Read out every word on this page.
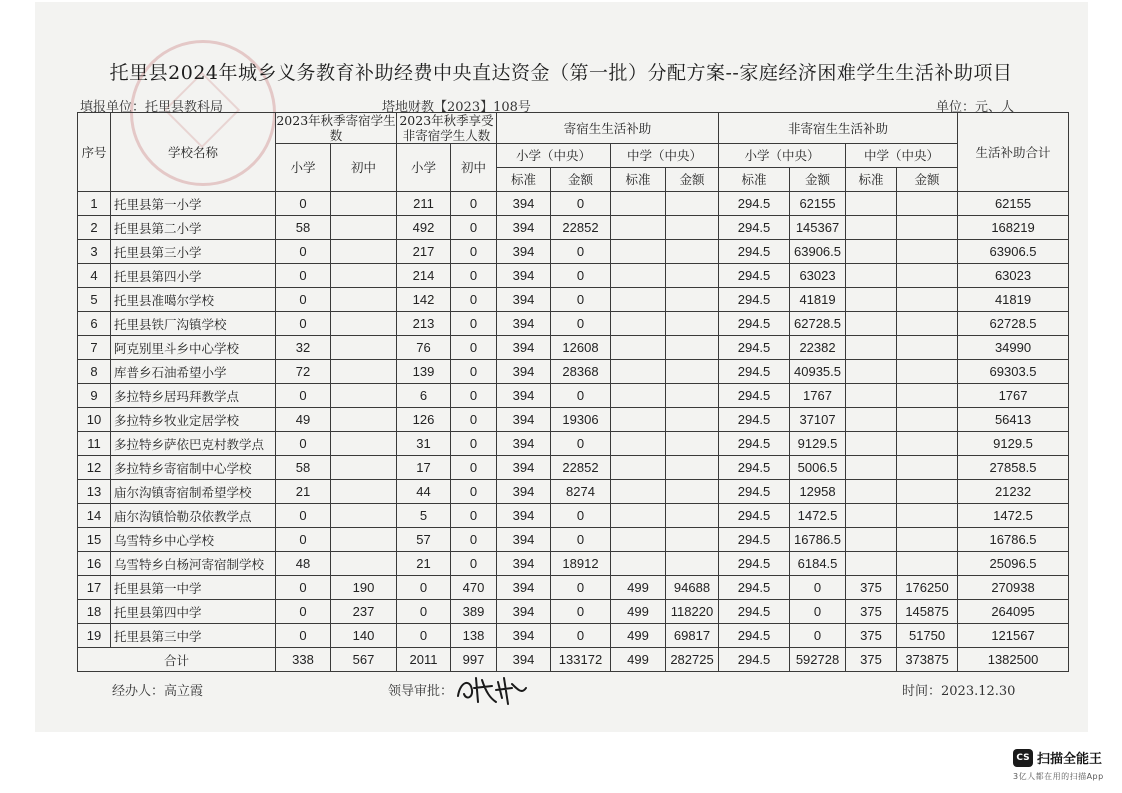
托里县2024年城乡义务教育补助经费中央直达资金（第一批）分配方案--家庭经济困难学生生活补助项目
填报单位：托里县教科局	塔地财教【2023】108号	单位：元、人
序号	学校名称	2023年秋季寄宿学生数		2023年秋季享受非寄宿学生人数		寄宿生生活补助				非寄宿生生活补助				生活补助合计
		小学	初中	小学	初中	小学（中央）		中学（中央）		小学（中央）		中学（中央）		
						标准	金额	标准	金额	标准	金额	标准	金额	
1	托里县第一小学	0		211	0	394	0			294.5	62155			62155
2	托里县第二小学	58		492	0	394	22852			294.5	145367			168219
3	托里县第三小学	0		217	0	394	0			294.5	63906.5			63906.5
4	托里县第四小学	0		214	0	394	0			294.5	63023			63023
5	托里县准噶尔学校	0		142	0	394	0			294.5	41819			41819
6	托里县铁厂沟镇学校	0		213	0	394	0			294.5	62728.5			62728.5
7	阿克别里斗乡中心学校	32		76	0	394	12608			294.5	22382			34990
8	库普乡石油希望小学	72		139	0	394	28368			294.5	40935.5			69303.5
9	多拉特乡居玛拜教学点	0		6	0	394	0			294.5	1767			1767
10	多拉特乡牧业定居学校	49		126	0	394	19306			294.5	37107			56413
11	多拉特乡萨依巴克村教学点	0		31	0	394	0			294.5	9129.5			9129.5
12	多拉特乡寄宿制中心学校	58		17	0	394	22852			294.5	5006.5			27858.5
13	庙尔沟镇寄宿制希望学校	21		44	0	394	8274			294.5	12958			21232
14	庙尔沟镇恰勒尕依教学点	0		5	0	394	0			294.5	1472.5			1472.5
15	乌雪特乡中心学校	0		57	0	394	0			294.5	16786.5			16786.5
16	乌雪特乡白杨河寄宿制学校	48		21	0	394	18912			294.5	6184.5			25096.5
17	托里县第一中学	0	190	0	470	394	0	499	94688	294.5	0	375	176250	270938
18	托里县第四中学	0	237	0	389	394	0	499	118220	294.5	0	375	145875	264095
19	托里县第三中学	0	140	0	138	394	0	499	69817	294.5	0	375	51750	121567
合计		338	567	2011	997	394	133172	499	282725	294.5	592728	375	373875	1382500
经办人：高立霞	领导审批：	时间：2023.12.30
CS 扫描全能王
3亿人都在用的扫描App
